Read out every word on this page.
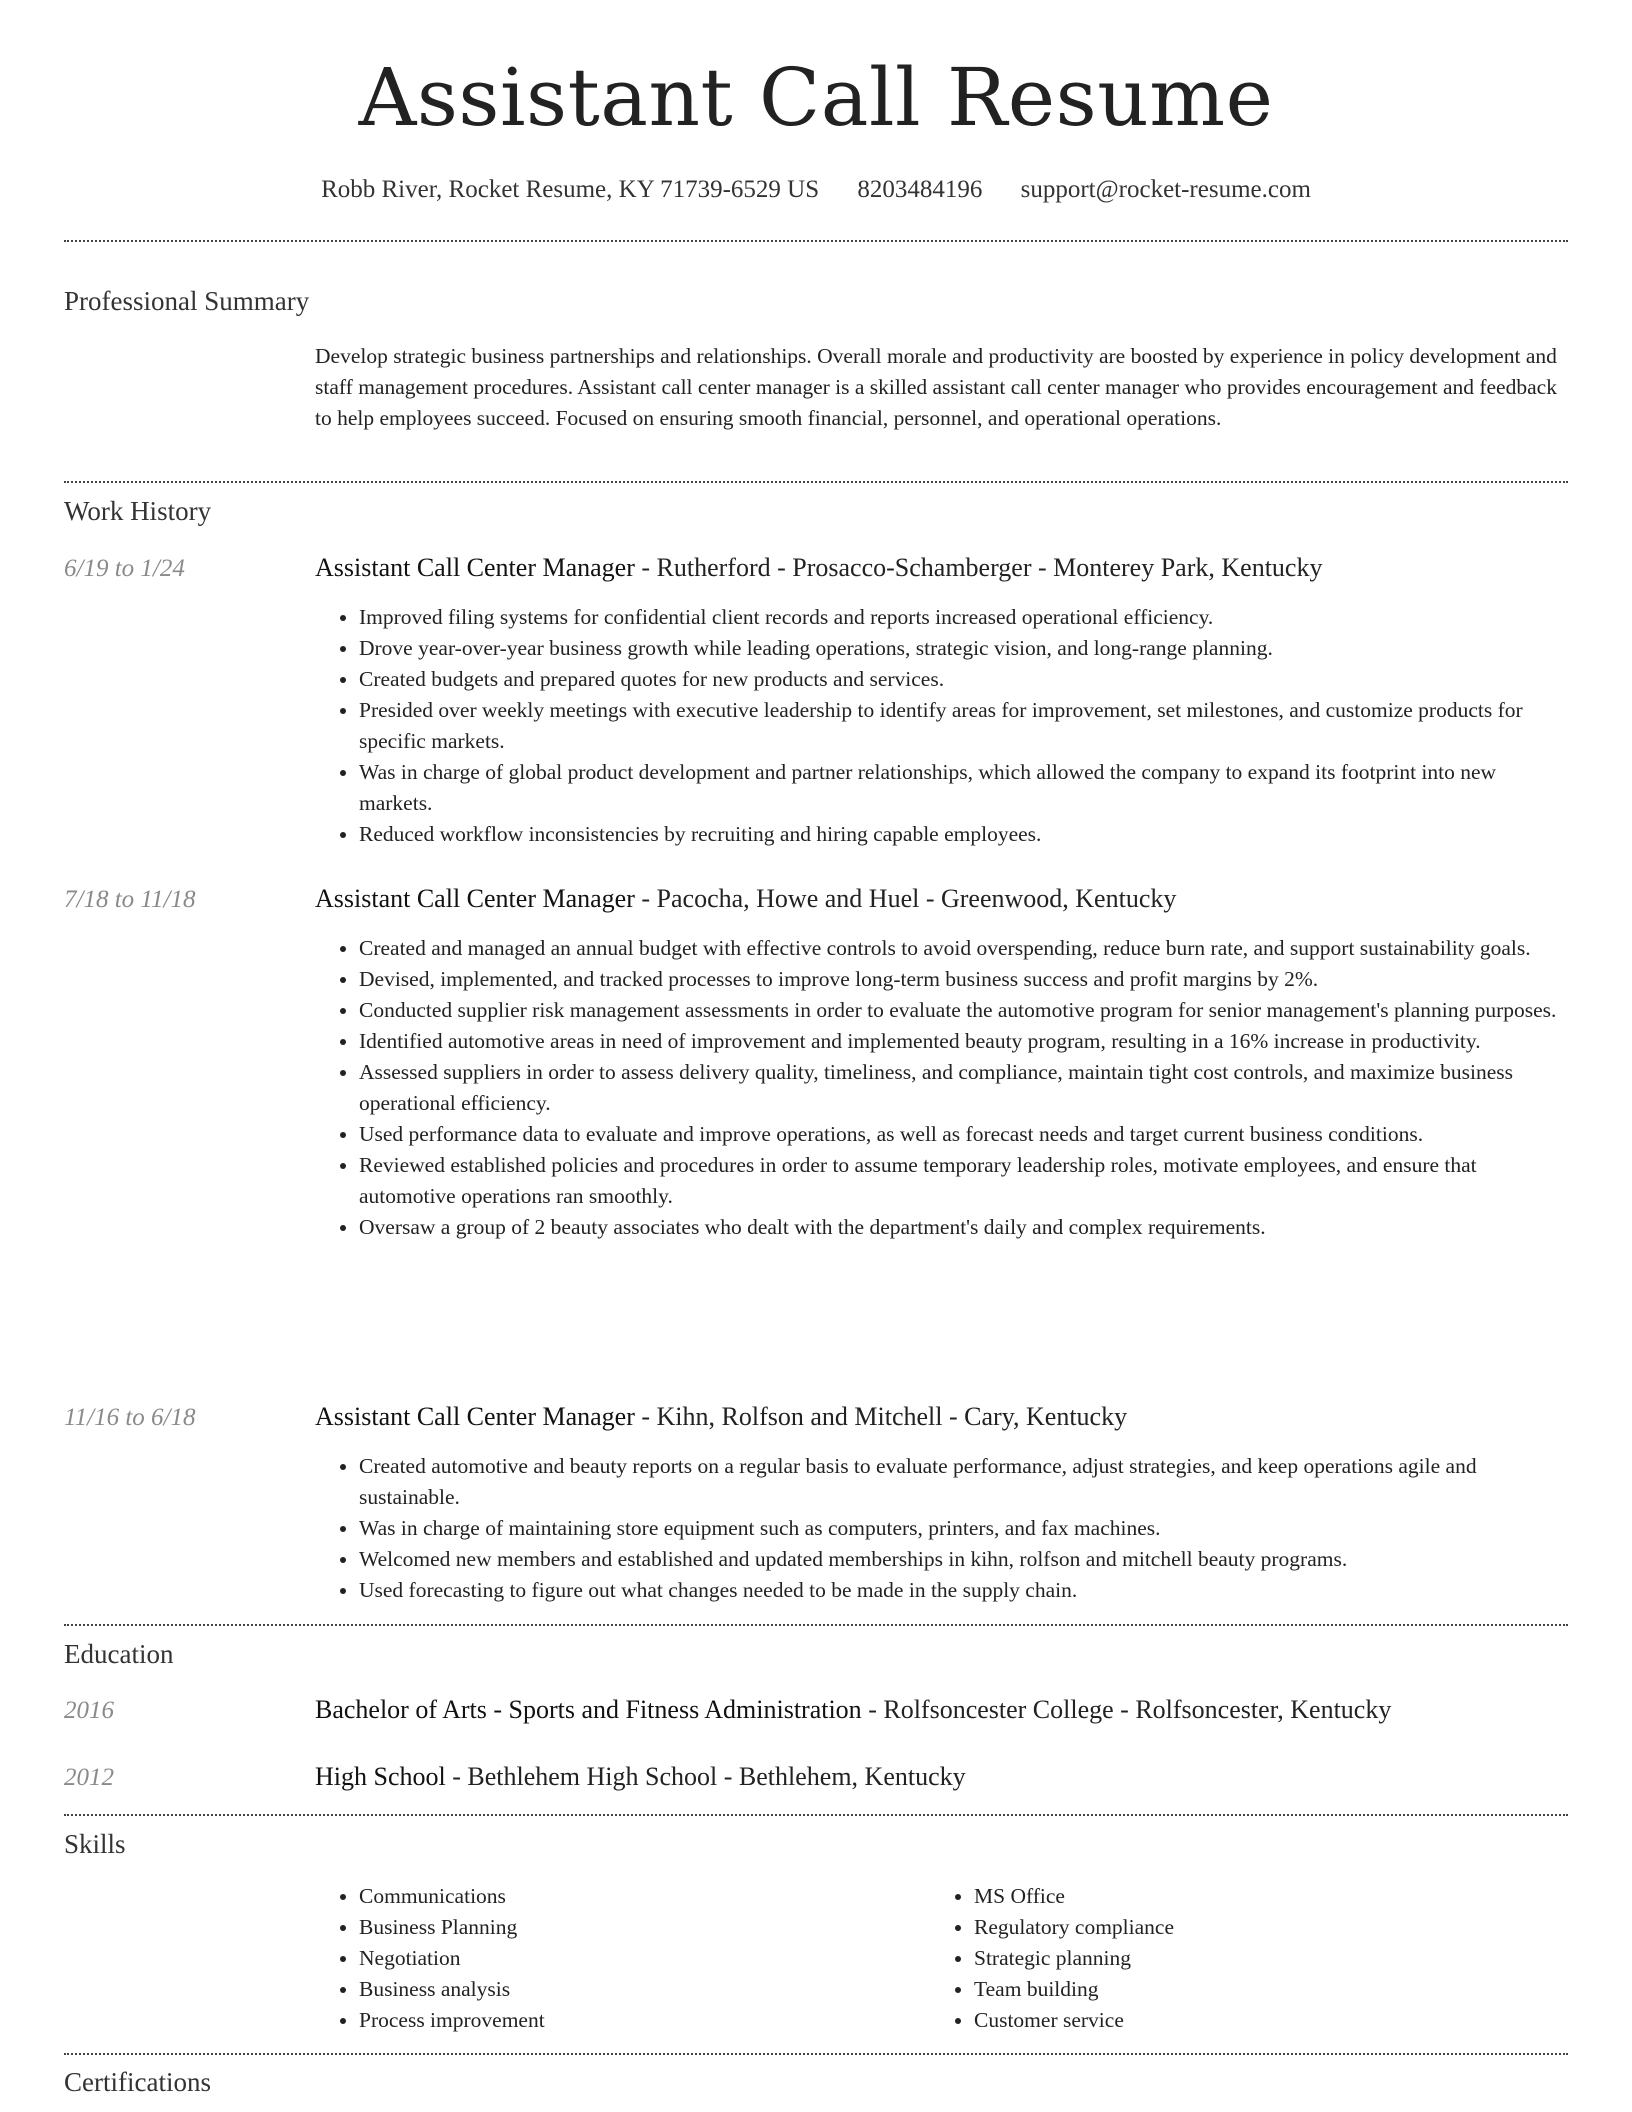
Assistant Call Resume
Robb River, Rocket Resume, KY 71739-6529 US 8203484196 support@rocket-resume.com
Professional Summary
Develop strategic business partnerships and relationships. Overall morale and productivity are boosted by experience in policy development and staff management procedures. Assistant call center manager is a skilled assistant call center manager who provides encouragement and feedback to help employees succeed. Focused on ensuring smooth financial, personnel, and operational operations.
Work History
6/19 to 1/24	Assistant Call Center Manager - Rutherford - Prosacco-Schamberger - Monterey Park, Kentucky
• Improved filing systems for confidential client records and reports increased operational efficiency.
• Drove year-over-year business growth while leading operations, strategic vision, and long-range planning.
• Created budgets and prepared quotes for new products and services.
• Presided over weekly meetings with executive leadership to identify areas for improvement, set milestones, and customize products for specific markets.
• Was in charge of global product development and partner relationships, which allowed the company to expand its footprint into new markets.
• Reduced workflow inconsistencies by recruiting and hiring capable employees.
7/18 to 11/18	Assistant Call Center Manager - Pacocha, Howe and Huel - Greenwood, Kentucky
• Created and managed an annual budget with effective controls to avoid overspending, reduce burn rate, and support sustainability goals.
• Devised, implemented, and tracked processes to improve long-term business success and profit margins by 2%.
• Conducted supplier risk management assessments in order to evaluate the automotive program for senior management's planning purposes.
• Identified automotive areas in need of improvement and implemented beauty program, resulting in a 16% increase in productivity.
• Assessed suppliers in order to assess delivery quality, timeliness, and compliance, maintain tight cost controls, and maximize business operational efficiency.
• Used performance data to evaluate and improve operations, as well as forecast needs and target current business conditions.
• Reviewed established policies and procedures in order to assume temporary leadership roles, motivate employees, and ensure that automotive operations ran smoothly.
• Oversaw a group of 2 beauty associates who dealt with the department's daily and complex requirements.
11/16 to 6/18	Assistant Call Center Manager - Kihn, Rolfson and Mitchell - Cary, Kentucky
• Created automotive and beauty reports on a regular basis to evaluate performance, adjust strategies, and keep operations agile and sustainable.
• Was in charge of maintaining store equipment such as computers, printers, and fax machines.
• Welcomed new members and established and updated memberships in kihn, rolfson and mitchell beauty programs.
• Used forecasting to figure out what changes needed to be made in the supply chain.
Education
2016	Bachelor of Arts - Sports and Fitness Administration - Rolfsoncester College - Rolfsoncester, Kentucky
2012	High School - Bethlehem High School - Bethlehem, Kentucky
Skills
• Communications
• Business Planning
• Negotiation
• Business analysis
• Process improvement
• MS Office
• Regulatory compliance
• Strategic planning
• Team building
• Customer service
Certifications
